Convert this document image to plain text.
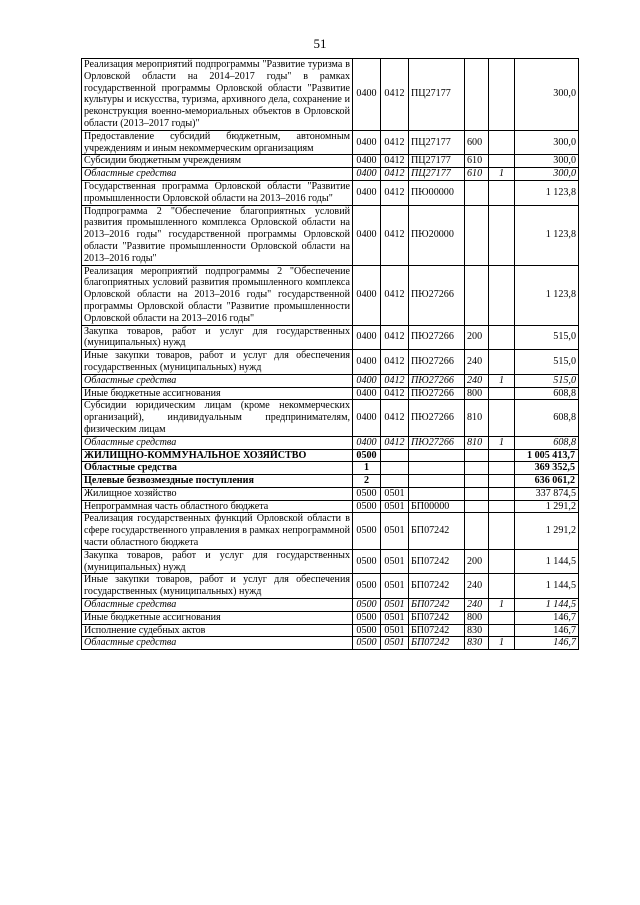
51
Реализация мероприятий подпрограммы "Развитие туризма в Орловской области на 2014–2017 годы" в рамках государственной программы Орловской области "Развитие культуры и искусства, туризма, архивного дела, сохранение и реконструкция военно-мемориальных объектов в Орловской области (2013–2017 годы)"	0400	0412	ПЦ27177			300,0
Предоставление субсидий бюджетным, автономным учреждениям и иным некоммерческим организациям	0400	0412	ПЦ27177	600		300,0
Субсидии бюджетным учреждениям	0400	0412	ПЦ27177	610		300,0
Областные средства	0400	0412	ПЦ27177	610	1	300,0
Государственная программа Орловской области "Развитие промышленности Орловской области на 2013–2016 годы"	0400	0412	ПЮ00000			1 123,8
Подпрограмма 2 "Обеспечение благоприятных условий развития промышленного комплекса Орловской области на 2013–2016 годы" государственной программы Орловской области "Развитие промышленности Орловской области на 2013–2016 годы"	0400	0412	ПЮ20000			1 123,8
Реализация мероприятий подпрограммы 2 "Обеспечение благоприятных условий развития промышленного комплекса Орловской области на 2013–2016 годы" государственной программы Орловской области "Развитие промышленности Орловской области на 2013–2016 годы"	0400	0412	ПЮ27266			1 123,8
Закупка товаров, работ и услуг для государственных (муниципальных) нужд	0400	0412	ПЮ27266	200		515,0
Иные закупки товаров, работ и услуг для обеспечения государственных (муниципальных) нужд	0400	0412	ПЮ27266	240		515,0
Областные средства	0400	0412	ПЮ27266	240	1	515,0
Иные бюджетные ассигнования	0400	0412	ПЮ27266	800		608,8
Субсидии юридическим лицам (кроме некоммерческих организаций), индивидуальным предпринимателям, физическим лицам	0400	0412	ПЮ27266	810		608,8
Областные средства	0400	0412	ПЮ27266	810	1	608,8
ЖИЛИЩНО-КОММУНАЛЬНОЕ ХОЗЯЙСТВО	0500					1 005 413,7
Областные средства	1					369 352,5
Целевые безвозмездные поступления	2					636 061,2
Жилищное хозяйство	0500	0501				337 874,5
Непрограммная часть областного бюджета	0500	0501	БП00000			1 291,2
Реализация государственных функций Орловской области в сфере государственного управления в рамках непрограммной части областного бюджета	0500	0501	БП07242			1 291,2
Закупка товаров, работ и услуг для государственных (муниципальных) нужд	0500	0501	БП07242	200		1 144,5
Иные закупки товаров, работ и услуг для обеспечения государственных (муниципальных) нужд	0500	0501	БП07242	240		1 144,5
Областные средства	0500	0501	БП07242	240	1	1 144,5
Иные бюджетные ассигнования	0500	0501	БП07242	800		146,7
Исполнение судебных актов	0500	0501	БП07242	830		146,7
Областные средства	0500	0501	БП07242	830	1	146,7
